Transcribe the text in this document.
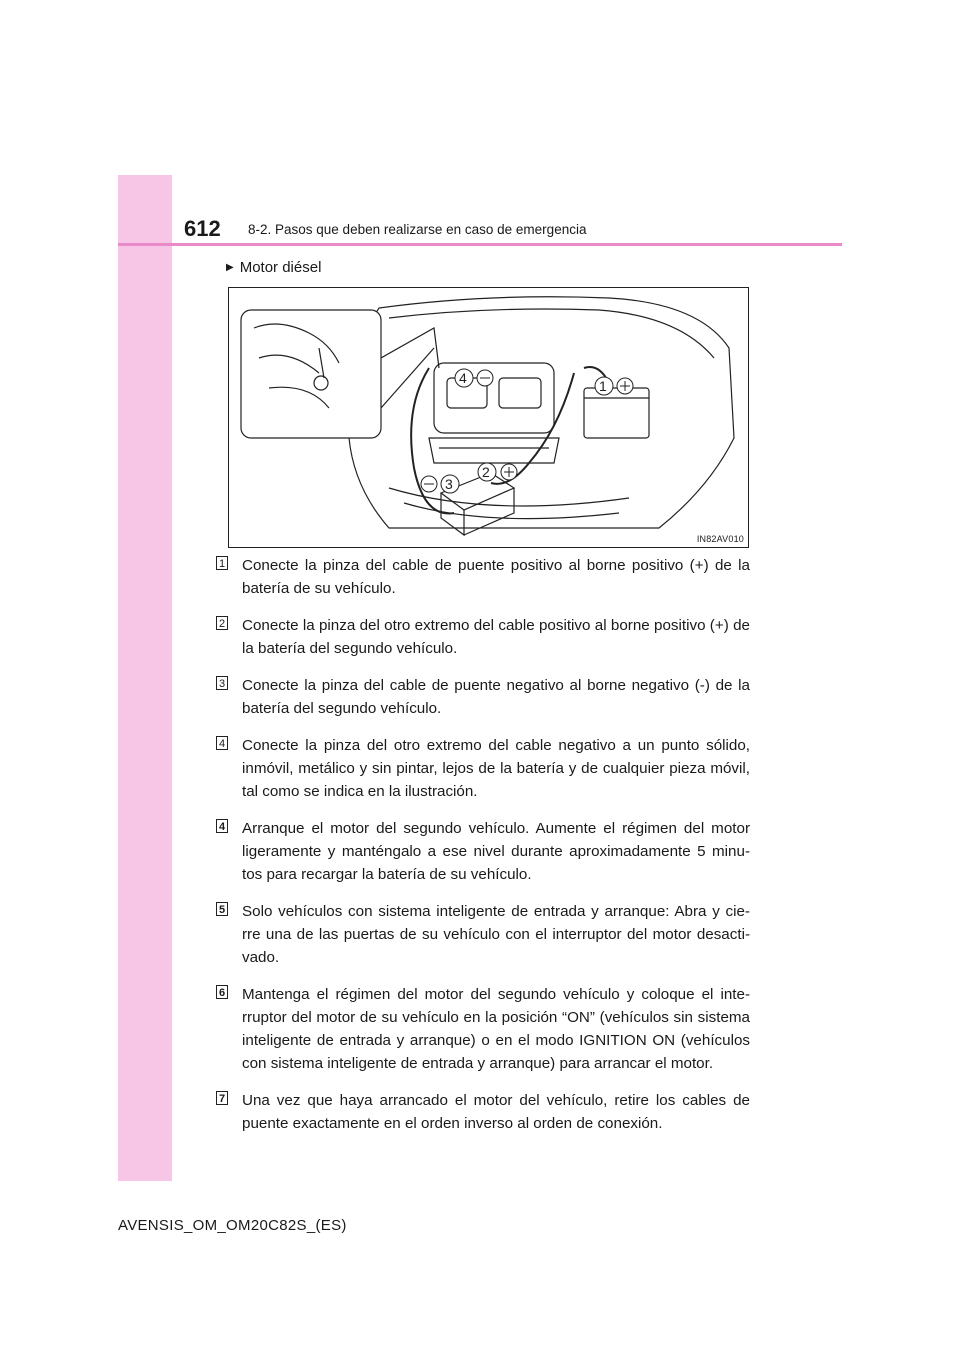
612 8-2. Pasos que deben realizarse en caso de emergencia
▶ Motor diésel
4	1
2
3
IN82AV010
1 Conecte la pinza del cable de puente positivo al borne positivo (+) de la batería de su vehículo.
2 Conecte la pinza del otro extremo del cable positivo al borne positivo (+) de la batería del segundo vehículo.
3 Conecte la pinza del cable de puente negativo al borne negativo (-) de la batería del segundo vehículo.
4 Conecte la pinza del otro extremo del cable negativo a un punto sólido, inmóvil, metálico y sin pintar, lejos de la batería y de cualquier pieza móvil, tal como se indica en la ilustración.
4 Arranque el motor del segundo vehículo. Aumente el régimen del motor ligeramente y manténgalo a ese nivel durante aproximadamente 5 minu-tos para recargar la batería de su vehículo.
5 Solo vehículos con sistema inteligente de entrada y arranque: Abra y cie-rre una de las puertas de su vehículo con el interruptor del motor desacti-vado.
6 Mantenga el régimen del motor del segundo vehículo y coloque el inte-rruptor del motor de su vehículo en la posición “ON” (vehículos sin sistema inteligente de entrada y arranque) o en el modo IGNITION ON (vehículos con sistema inteligente de entrada y arranque) para arrancar el motor.
7 Una vez que haya arrancado el motor del vehículo, retire los cables de puente exactamente en el orden inverso al orden de conexión.
AVENSIS_OM_OM20C82S_(ES)
